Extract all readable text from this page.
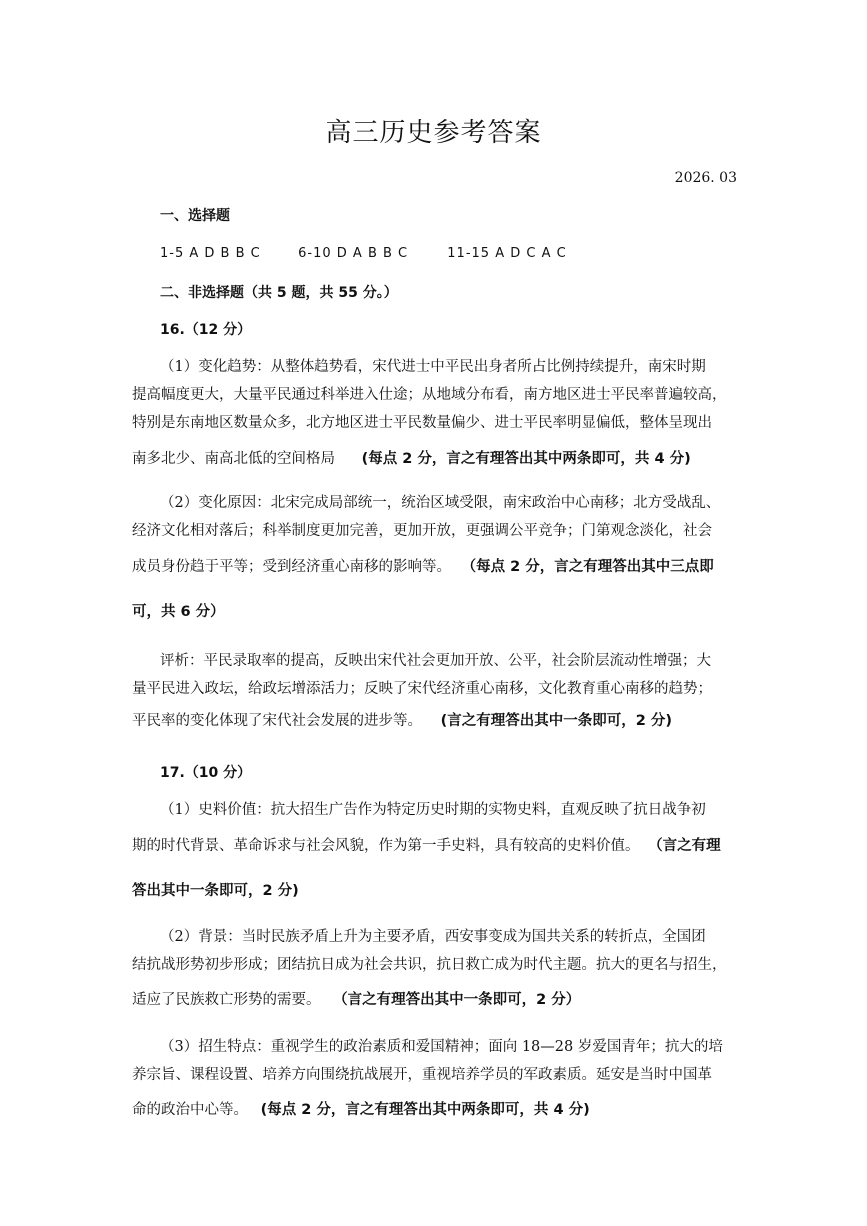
高三历史参考答案
2026. 03
一、选择题
1-5 A D B B C	6-10 D A B B C	11-15 A D C A C
二、非选择题（共 5 题，共 55 分。）
16.（12 分）
（1）变化趋势：从整体趋势看，宋代进士中平民出身者所占比例持续提升，南宋时期
提高幅度更大，大量平民通过科举进入仕途；从地域分布看，南方地区进士平民率普遍较高，
特别是东南地区数量众多，北方地区进士平民数量偏少、进士平民率明显偏低，整体呈现出
南多北少、南高北低的空间格局 (每点 2 分，言之有理答出其中两条即可，共 4 分)
（2）变化原因：北宋完成局部统一，统治区域受限，南宋政治中心南移；北方受战乱、
经济文化相对落后；科举制度更加完善，更加开放，更强调公平竞争；门第观念淡化，社会
成员身份趋于平等；受到经济重心南移的影响等。 （每点 2 分，言之有理答出其中三点即
可，共 6 分）
评析：平民录取率的提高，反映出宋代社会更加开放、公平，社会阶层流动性增强；大
量平民进入政坛，给政坛增添活力；反映了宋代经济重心南移，文化教育重心南移的趋势；
平民率的变化体现了宋代社会发展的进步等。 (言之有理答出其中一条即可，2 分)
17.（10 分）
（1）史料价值：抗大招生广告作为特定历史时期的实物史料，直观反映了抗日战争初
期的时代背景、革命诉求与社会风貌，作为第一手史料，具有较高的史料价值。 （言之有理
答出其中一条即可，2 分)
（2）背景：当时民族矛盾上升为主要矛盾，西安事变成为国共关系的转折点，全国团
结抗战形势初步形成；团结抗日成为社会共识，抗日救亡成为时代主题。抗大的更名与招生，
适应了民族救亡形势的需要。 （言之有理答出其中一条即可，2 分）
（3）招生特点：重视学生的政治素质和爱国精神；面向 18—28 岁爱国青年；抗大的培
养宗旨、课程设置、培养方向围绕抗战展开，重视培养学员的军政素质。延安是当时中国革
命的政治中心等。 (每点 2 分，言之有理答出其中两条即可，共 4 分)
